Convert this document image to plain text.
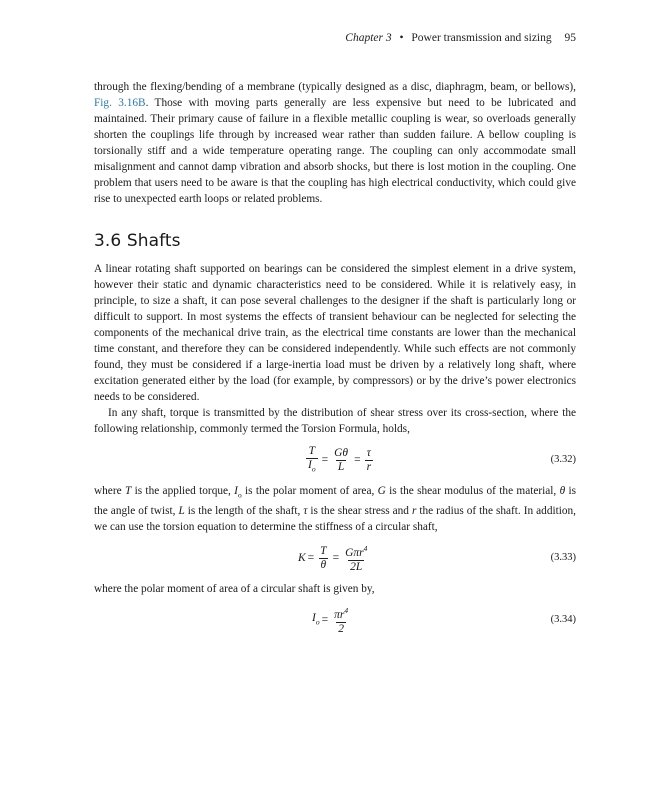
Chapter 3 • Power transmission and sizing 95

through the flexing/bending of a membrane (typically designed as a disc, diaphragm, beam, or bellows), Fig. 3.16B. Those with moving parts generally are less expensive but need to be lubricated and maintained. Their primary cause of failure in a flexible metallic coupling is wear, so overloads generally shorten the couplings life through by increased wear rather than sudden failure. A bellow coupling is torsionally stiff and a wide temperature operating range. The coupling can only accommodate small misalignment and cannot damp vibration and absorb shocks, but there is lost motion in the coupling. One problem that users need to be aware is that the coupling has high electrical conductivity, which could give rise to unexpected earth loops or related problems.

3.6 Shafts

A linear rotating shaft supported on bearings can be considered the simplest element in a drive system, however their static and dynamic characteristics need to be considered. While it is relatively easy, in principle, to size a shaft, it can pose several challenges to the designer if the shaft is particularly long or difficult to support. In most systems the effects of transient behaviour can be neglected for selecting the components of the mechanical drive train, as the electrical time constants are lower than the mechanical time constant, and therefore they can be considered independently. While such effects are not commonly found, they must be considered if a large-inertia load must be driven by a relatively long shaft, where excitation generated either by the load (for example, by compressors) or by the drive’s power electronics needs to be considered.

In any shaft, torque is transmitted by the distribution of shear stress over its cross-section, where the following relationship, commonly termed the Torsion Formula, holds,

$\frac{T}{I_o} = \frac{G\theta}{L} = \frac{\tau}{r}$	(3.32)

where T is the applied torque, $I_o$ is the polar moment of area, G is the shear modulus of the material, θ is the angle of twist, L is the length of the shaft, τ is the shear stress and r the radius of the shaft. In addition, we can use the torsion equation to determine the stiffness of a circular shaft,

$K = \frac{T}{\theta} = \frac{G\pi r^4}{2L}$	(3.33)

where the polar moment of area of a circular shaft is given by,

$I_o = \frac{\pi r^4}{2}$	(3.34)
